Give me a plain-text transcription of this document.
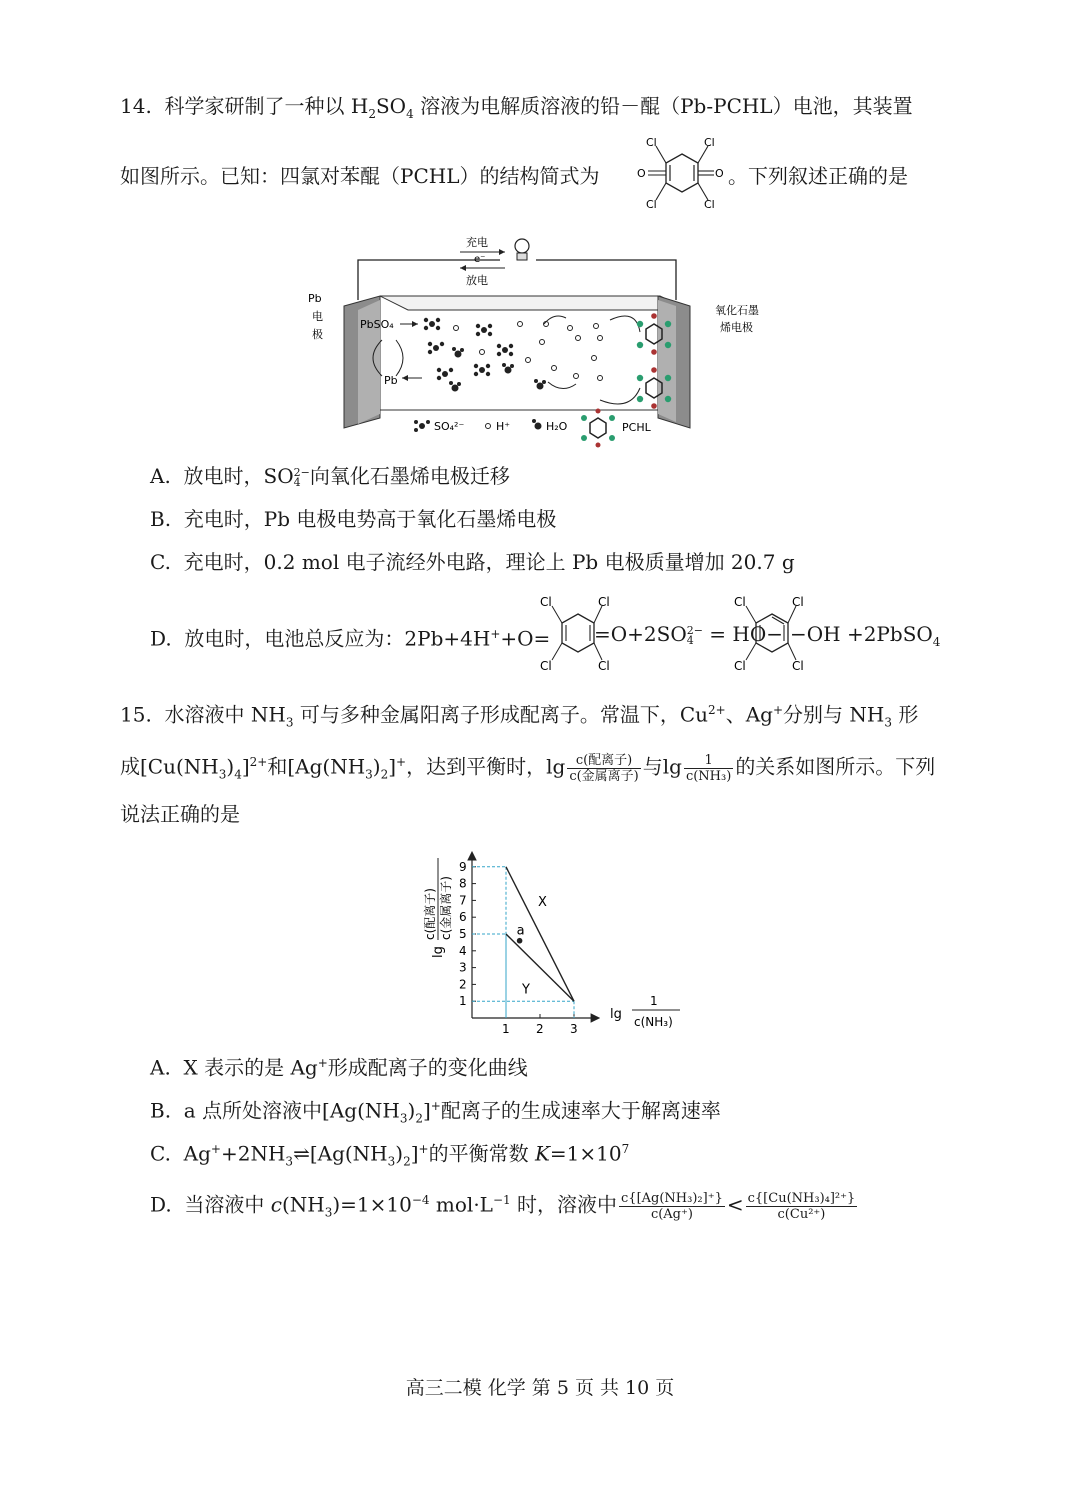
14. 科学家研制了一种以 $H_2SO_4$ 溶液为电解质溶液的铅－醌（Pb-PCHL）电池，其装置
如图所示。已知：四氯对苯醌（PCHL）的结构简式为
Cl	Cl
Cl	Cl
O	O 。下列叙述正确的是
充电
e⁻
放电
Pb
电
极
氧化石墨
烯电极
PbSO₄
Pb
SO₄²⁻	H⁺	H₂O	PCHL
A. 放电时，SO 2−
4 向氧化石墨烯电极迁移
B. 充电时，Pb 电极电势高于氧化石墨烯电极
C. 充电时，0.2 mol 电子流经外电路，理论上 Pb 电极质量增加 20.7 g
D. 放电时，电池总反应为：2Pb+4H++O=
Cl	Cl
Cl	Cl
=O+2SO 2−
4 = HO−
Cl	Cl
Cl	Cl
−OH +2PbSO$_4$
15. 水溶液中 $NH_3$ 可与多种金属阳离子形成配离子。常温下，$Cu^{2+}$、Ag+分别与 $NH_3$ 形
成$[Cu(NH_3)_4]^{2+}$和$[Ag(NH_3)_2]^+$，达到平衡时，$\lg \frac{\text{c(配离子)}}{\text{c(金属离子)}}$ 与$\lg \frac{1}{\text{c(NH₃)}}$ 的关系如图所示。下列
说法正确的是
1 2 3
1
2
3
4
5
6
7
8
9
X
Y
a
lg
1
c(NH₃)
lg
c(配离子) c(金属离子)
A. X 表示的是 Ag+形成配离子的变化曲线
B. a 点所处溶液中$[Ag(NH_3)_2]^+$配离子的生成速率大于解离速率
C. $Ag^++2NH_3\rightleftharpoons[Ag(NH_3)_2]^+$的平衡常数 $K=1\times 10^7$
D. 当溶液中 $c(NH_3)=1\times 10^{-4}$ $mol\cdot L^{-1}$ 时，溶液中 $\frac{\text{c\{[Ag(NH₃)₂]⁺\}}}{c(Ag^+)} < \frac{\text{c\{[Cu(NH₃)₄]²⁺\}}}{\text{c(Cu²⁺)}}$
高三二模 化学 第 5 页 共 10 页
